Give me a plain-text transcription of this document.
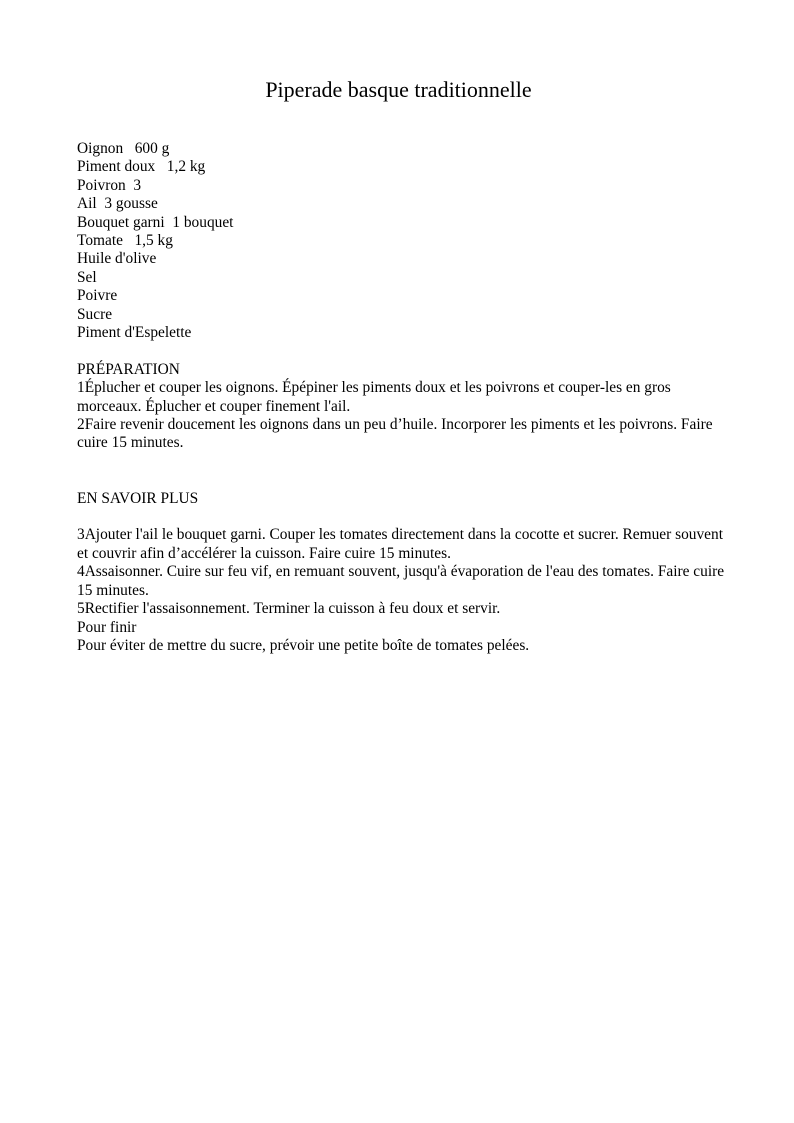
Piperade basque traditionnelle
Oignon   600 g
Piment doux   1,2 kg
Poivron  3
Ail  3 gousse
Bouquet garni  1 bouquet
Tomate   1,5 kg
Huile d'olive
Sel
Poivre
Sucre
Piment d'Espelette
PRÉPARATION
1Éplucher et couper les oignons. Épépiner les piments doux et les poivrons et couper-les en gros morceaux. Éplucher et couper finement l'ail.
2Faire revenir doucement les oignons dans un peu d’huile. Incorporer les piments et les poivrons. Faire cuire 15 minutes.
EN SAVOIR PLUS
3Ajouter l'ail le bouquet garni. Couper les tomates directement dans la cocotte et sucrer. Remuer souvent et couvrir afin d’accélérer la cuisson. Faire cuire 15 minutes.
4Assaisonner. Cuire sur feu vif, en remuant souvent, jusqu'à évaporation de l'eau des tomates. Faire cuire 15 minutes.
5Rectifier l'assaisonnement. Terminer la cuisson à feu doux et servir.
Pour finir
Pour éviter de mettre du sucre, prévoir une petite boîte de tomates pelées.
